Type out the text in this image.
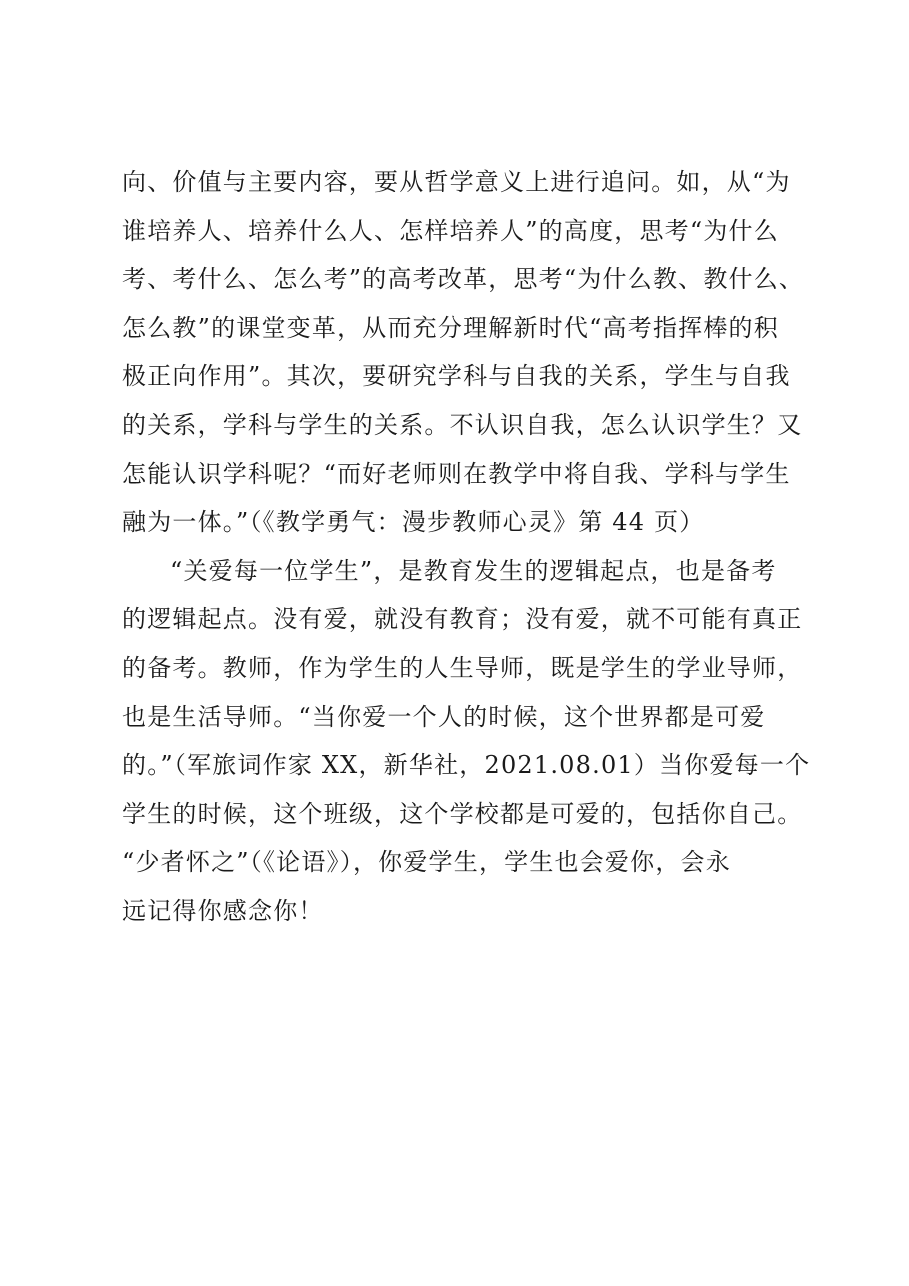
向、价值与主要内容，要从哲学意义上进行追问。如，从“为
谁培养人、培养什么人、怎样培养人”的高度，思考“为什么
考、考什么、怎么考”的高考改革，思考“为什么教、教什么、
怎么教”的课堂变革，从而充分理解新时代“高考指挥棒的积
极正向作用”。其次，要研究学科与自我的关系，学生与自我
的关系，学科与学生的关系。不认识自我，怎么认识学生？又
怎能认识学科呢？“而好老师则在教学中将自我、学科与学生
融为一体。”（《教学勇气：漫步教师心灵》第 44 页）
“关爱每一位学生”，是教育发生的逻辑起点，也是备考
的逻辑起点。没有爱，就没有教育；没有爱，就不可能有真正
的备考。教师，作为学生的人生导师，既是学生的学业导师，
也是生活导师。“当你爱一个人的时候，这个世界都是可爱
的。”（军旅词作家 XX，新华社，2021.08.01）当你爱每一个
学生的时候，这个班级，这个学校都是可爱的，包括你自己。
“少者怀之”（《论语》），你爱学生，学生也会爱你，会永
远记得你感念你！
